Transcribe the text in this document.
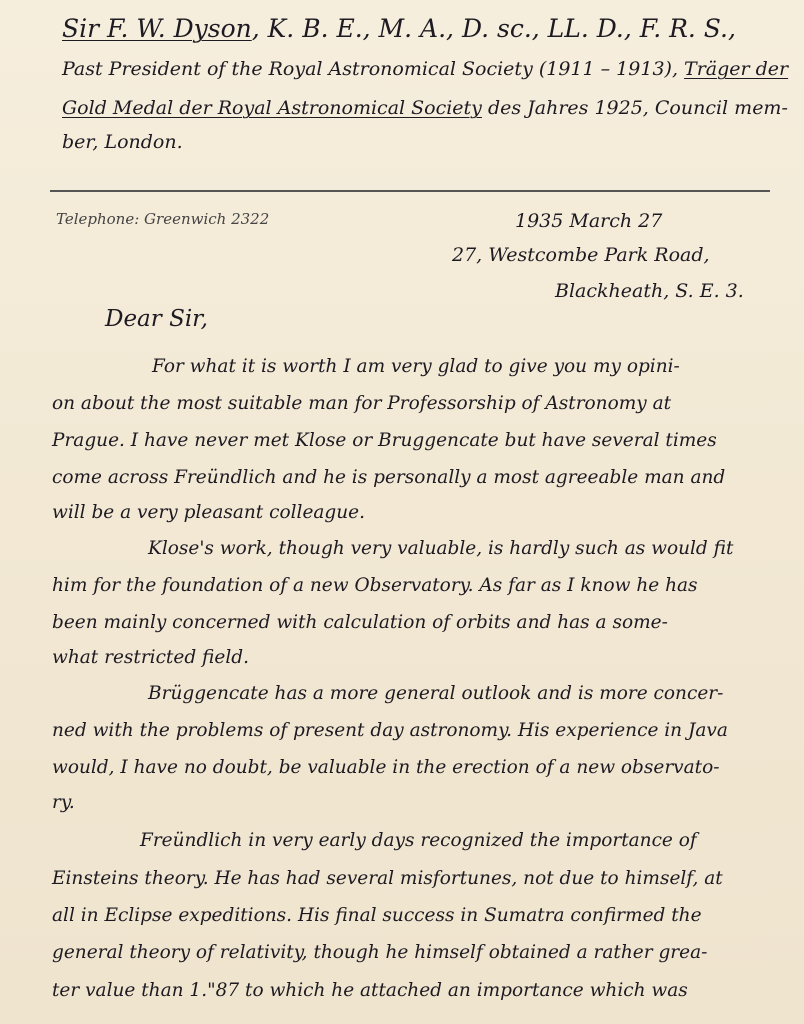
Sir F. W. Dyson, K. B. E., M. A., D. sc., LL. D., F. R. S.,
Past President of the Royal Astronomical Society (1911 – 1913), Träger der
Gold Medal der Royal Astronomical Society des Jahres 1925, Council mem-
ber, London.
Telephone: Greenwich 2322	1935 March 27
27, Westcombe Park Road,
Blackheath, S. E. 3.
Dear Sir,
For what it is worth I am very glad to give you my opini-
on about the most suitable man for Professorship of Astronomy at
Prague. I have never met Klose or Bruggencate but have several times
come across Freündlich and he is personally a most agreeable man and
will be a very pleasant colleague.
Klose's work, though very valuable, is hardly such as would fit
him for the foundation of a new Observatory. As far as I know he has
been mainly concerned with calculation of orbits and has a some-
what restricted field.
Brüggencate has a more general outlook and is more concer-
ned with the problems of present day astronomy. His experience in Java
would, I have no doubt, be valuable in the erection of a new observato-
ry.
Freündlich in very early days recognized the importance of
Einsteins theory. He has had several misfortunes, not due to himself, at
all in Eclipse expeditions. His final success in Sumatra confirmed the
general theory of relativity, though he himself obtained a rather grea-
ter value than 1."87 to which he attached an importance which was
